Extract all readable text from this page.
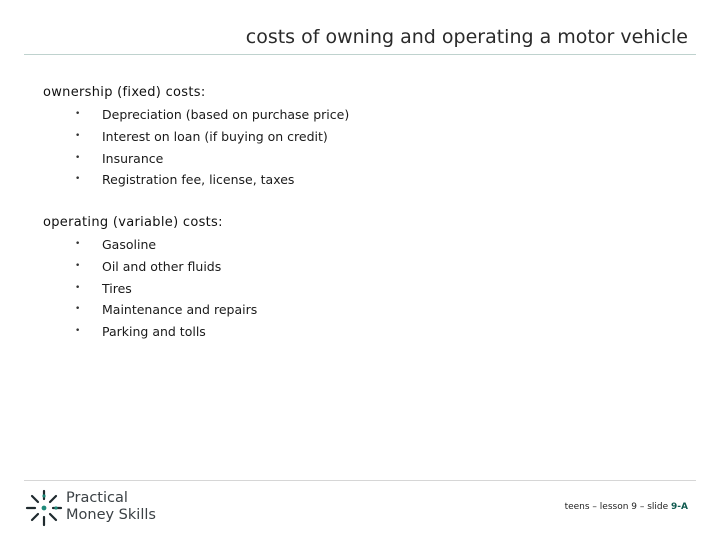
costs of owning and operating a motor vehicle
ownership (fixed) costs:
• Depreciation (based on purchase price)
• Interest on loan (if buying on credit)
• Insurance
• Registration fee, license, taxes
operating (variable) costs:
• Gasoline
• Oil and other fluids
• Tires
• Maintenance and repairs
• Parking and tolls
Practical
Money Skills	teens – lesson 9 – slide 9-A
